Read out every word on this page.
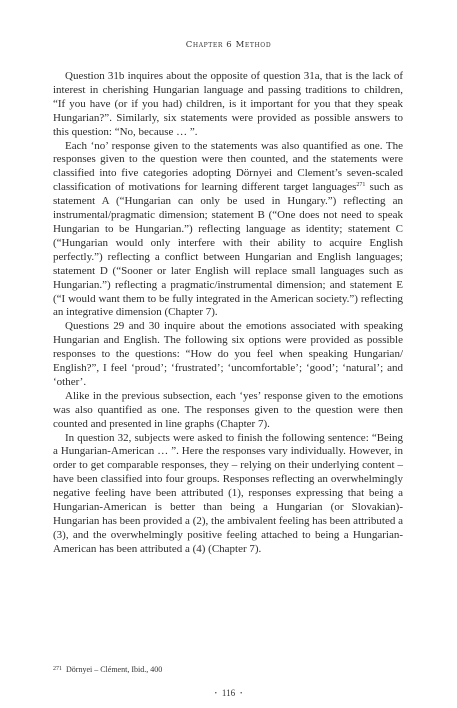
Chapter 6 Method

Question 31b inquires about the opposite of question 31a, that is the lack of interest in cherishing Hungarian language and passing traditions to children, “If you have (or if you had) children, is it important for you that they speak Hungarian?”. Similarly, six statements were provided as possible answers to this question: “No, because … ”.

Each ‘no’ response given to the statements was also quantified as one. The responses given to the question were then counted, and the statements were classified into five categories adopting Dörnyei and Clement’s seven-scaled classification of motivations for learning different target languages$^{271}$ such as statement A (“Hungarian can only be used in Hungary.”) reflecting an instrumental/pragmatic dimension; statement B (“One does not need to speak Hungarian to be Hungarian.”) reflecting language as identity; statement C (“Hungarian would only interfere with their ability to acquire English perfectly.”) reflecting a conflict between Hungarian and English languages; statement D (“Sooner or later English will replace small languages such as Hungarian.”) reflecting a pragmatic/instrumental dimension; and statement E (“I would want them to be fully integrated in the American society.”) reflecting an integrative dimension (Chapter 7).

Questions 29 and 30 inquire about the emotions associated with speaking Hungarian and English. The following six options were provided as possible responses to the questions: “How do you feel when speaking Hungarian/ English?”, I feel ‘proud’; ‘frustrated’; ‘uncomfortable’; ‘good’; ‘natural’; and ‘other’.

Alike in the previous subsection, each ‘yes’ response given to the emotions was also quantified as one. The responses given to the question were then counted and presented in line graphs (Chapter 7).

In question 32, subjects were asked to finish the following sentence: “Being a Hungarian-American … ”. Here the responses vary individually. However, in order to get comparable responses, they – relying on their underlying content – have been classified into four groups. Responses reflecting an overwhelmingly negative feeling have been attributed (1), responses expressing that being a Hungarian-American is better than being a Hungarian (or Slovakian)-Hungarian has been provided a (2), the ambivalent feeling has been attributed a (3), and the overwhelmingly positive feeling attached to being a Hungarian-American has been attributed a (4) (Chapter 7).

$^{271}$ Dörnyei – Clément, Ibid., 400
• 116 •
